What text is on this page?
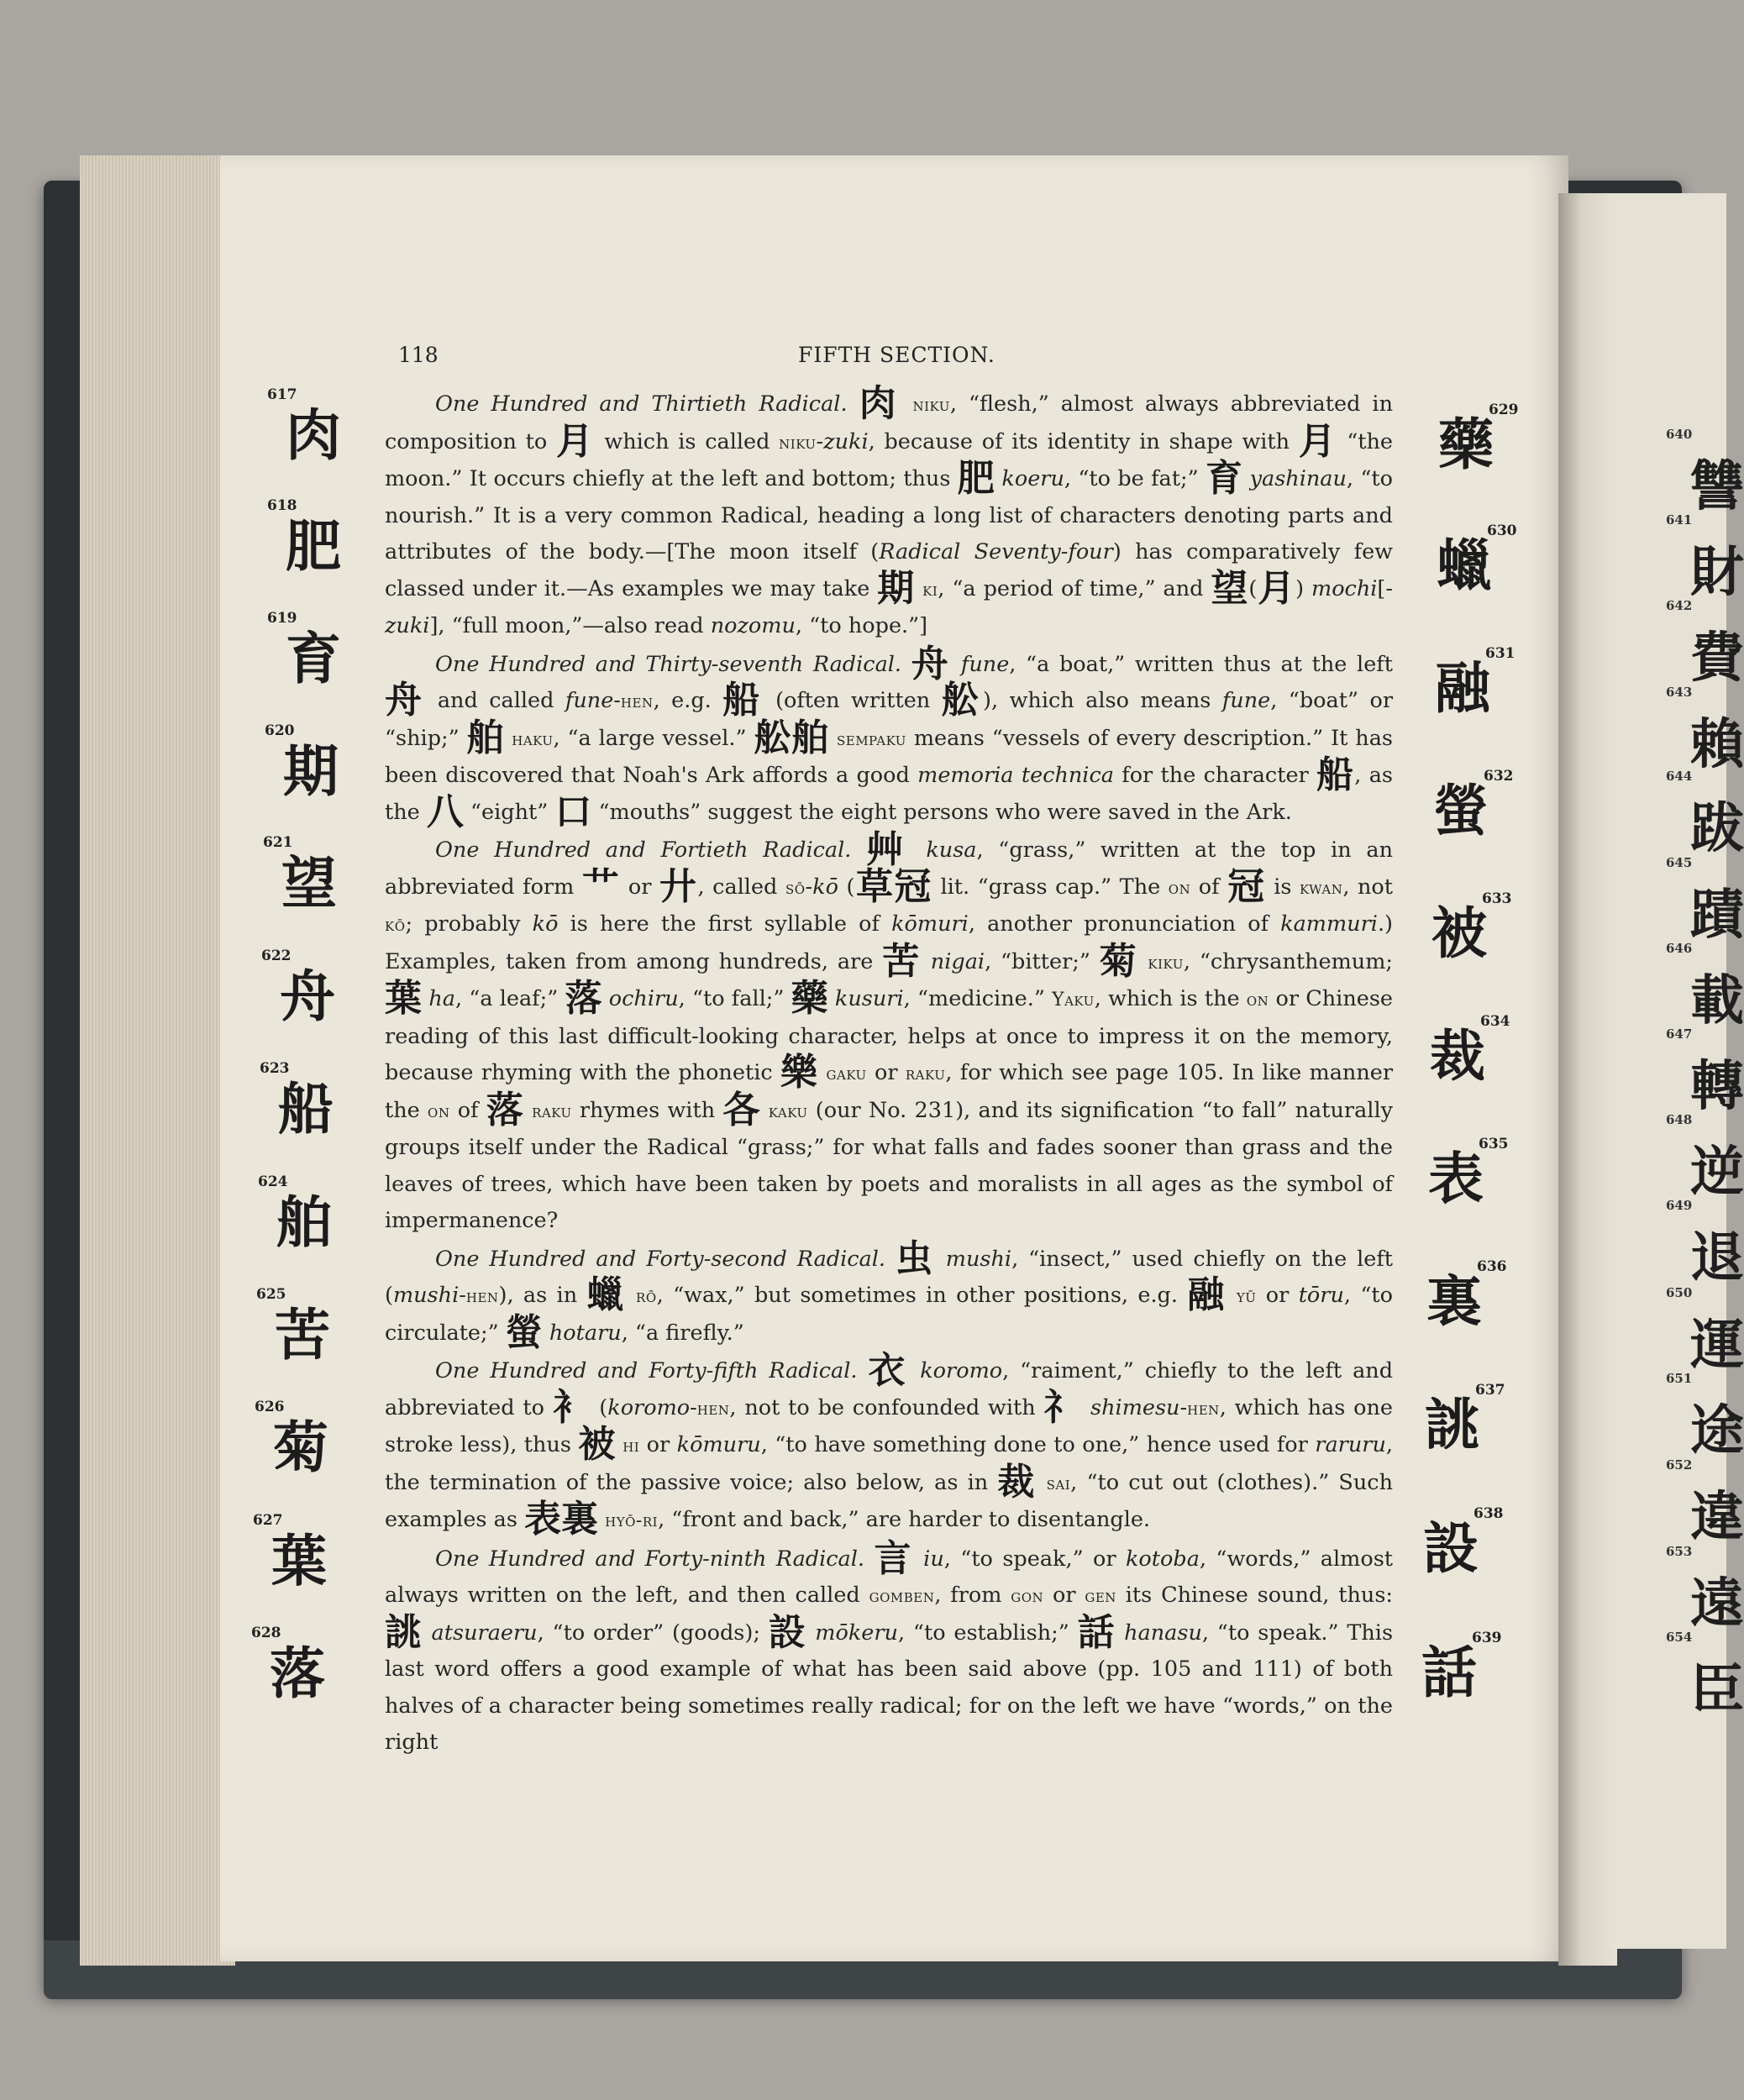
118	FIFTH SECTION.
617
肉
618
肥
619
育
620
期
621
望
622
舟
623
船
624
舶
625
苦
626
菊
627
葉
628
落
629
藥
630
蠟
631
融
632
螢
633
被
634
裁
635
表
636
裏
637
誂
638
設
639
話
640
讐
641
財
642
費
643
賴
644
跋
645
蹟
646
載
647
轉
648
逆
649
退
650
運
651
途
652
違
653
遠
654
臣

One Hundred and Thirtieth Radical. 肉 niku, “flesh,” almost always abbreviated in composition to 月 which is called niku-zuki, because of its identity in shape with 月 “the moon.” It occurs chiefly at the left and bottom; thus 肥 koeru, “to be fat;” 育 yashinau, “to nourish.” It is a very common Radical, heading a long list of characters denoting parts and attributes of the body.—[The moon itself (Radical Seventy-four) has comparatively few classed under it.—As examples we may take 期 ki, “a period of time,” and 望(月) mochi[-zuki], “full moon,”—also read nozomu, “to hope.”]

One Hundred and Thirty-seventh Radical. 舟 fune, “a boat,” written thus at the left 舟 and called fune-hen, e.g. 船 (often written 舩), which also means fune, “boat” or “ship;” 舶 haku, “a large vessel.” 舩舶 sempaku means “vessels of every description.” It has been discovered that Noah's Ark affords a good memoria technica for the character 船, as the 八 “eight” 口 “mouths” suggest the eight persons who were saved in the Ark.

One Hundred and Fortieth Radical. 艸 kusa, “grass,” written at the top in an abbreviated form 艹 or 廾, called sō-kō (草冠 lit. “grass cap.” The on of 冠 is kwan, not kō; probably kō is here the first syllable of kōmuri, another pronunciation of kammuri.) Examples, taken from among hundreds, are 苦 nigai, “bitter;” 菊 kiku, “chrysanthemum; 葉 ha, “a leaf;” 落 ochiru, “to fall;” 藥 kusuri, “medicine.” Yaku, which is the on or Chinese reading of this last difficult-looking character, helps at once to impress it on the memory, because rhyming with the phonetic 樂 gaku or raku, for which see page 105. In like manner the on of 落 raku rhymes with 各 kaku (our No. 231), and its signification “to fall” naturally groups itself under the Radical “grass;” for what falls and fades sooner than grass and the leaves of trees, which have been taken by poets and moralists in all ages as the symbol of impermanence?

One Hundred and Forty-second Radical. 虫 mushi, “insect,” used chiefly on the left (mushi-hen), as in 蠟 rō, “wax,” but sometimes in other positions, e.g. 融 yū or tōru, “to circulate;” 螢 hotaru, “a firefly.”

One Hundred and Forty-fifth Radical. 衣 koromo, “raiment,” chiefly to the left and abbreviated to 衤 (koromo-hen, not to be confounded with 礻 shimesu-hen, which has one stroke less), thus 被 hi or kōmuru, “to have something done to one,” hence used for raruru, the termination of the passive voice; also below, as in 裁 sai, “to cut out (clothes).” Such examples as 表裏 hyō-ri, “front and back,” are harder to disentangle.

One Hundred and Forty-ninth Radical. 言 iu, “to speak,” or kotoba, “words,” almost always written on the left, and then called gomben, from gon or gen its Chinese sound, thus: 誂 atsuraeru, “to order” (goods); 設 mōkeru, “to establish;” 話 hanasu, “to speak.” This last word offers a good example of what has been said above (pp. 105 and 111) of both halves of a character being sometimes really radical; for on the left we have “words,” on the right
